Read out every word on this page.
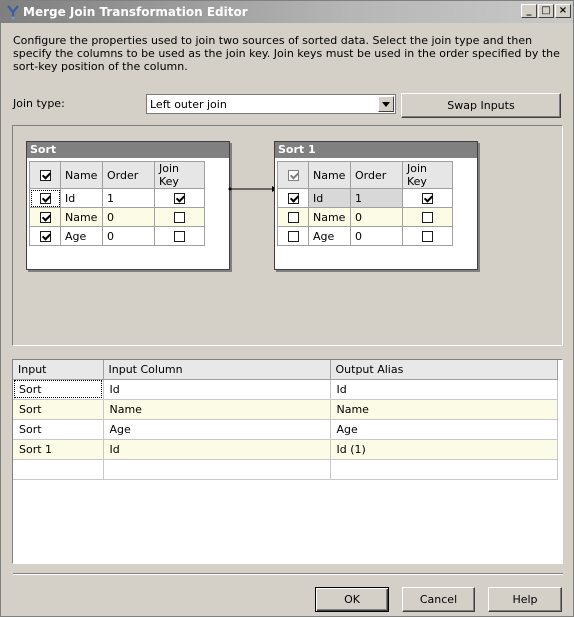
Merge Join Transformation Editor	_ □ ×
Configure the properties used to join two sources of sorted data. Select the join type and then specify the columns to be used as the join key. Join keys must be used in the order specified by the sort-key position of the column.
Join type:	Left outer join	Swap Inputs
Sort
	Name	Order	Join Key
	Id	1	
	Name	0	
	Age	0	
Sort 1
	Name	Order	Join Key
	Id	1	
	Name	0	
	Age	0	
Input	Input Column	Output Alias
Sort	Id	Id
Sort	Name	Name
Sort	Age	Age
Sort 1	Id	Id (1)

OK	Cancel	Help
